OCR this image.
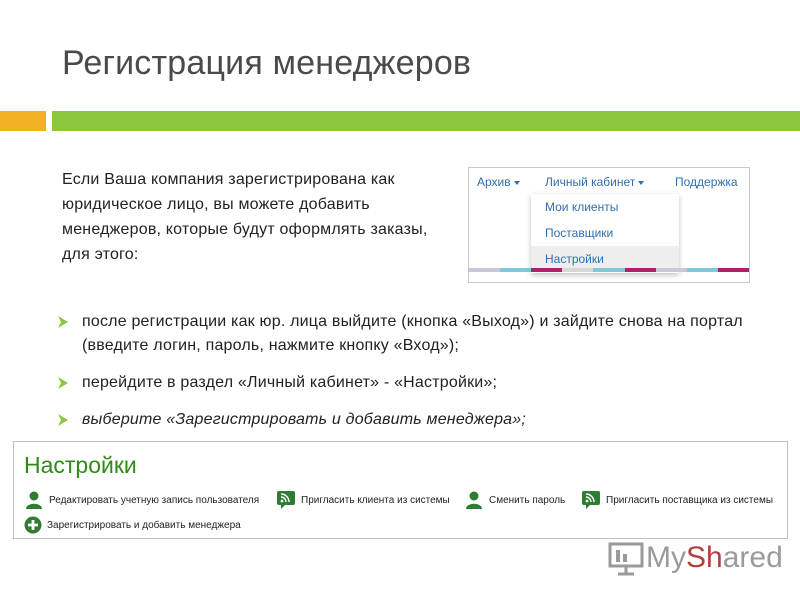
Регистрация менеджеров
Если Ваша компания зарегистрирована как юридическое лицо, вы можете добавить менеджеров, которые будут оформлять заказы, для этого:
Архив	Личный кабинет	Поддержка
Мои клиенты
Поставщики
Настройки
после регистрации как юр. лица выйдите (кнопка «Выход») и зайдите снова на портал (введите логин, пароль, нажмите кнопку «Вход»);
перейдите в раздел «Личный кабинет» - «Настройки»;
выберите «Зарегистрировать и добавить менеджера»;
Настройки
Редактировать учетную запись пользователя	Пригласить клиента из системы	Сменить пароль	Пригласить поставщика из системы
Зарегистрировать и добавить менеджера
My Sh ared
